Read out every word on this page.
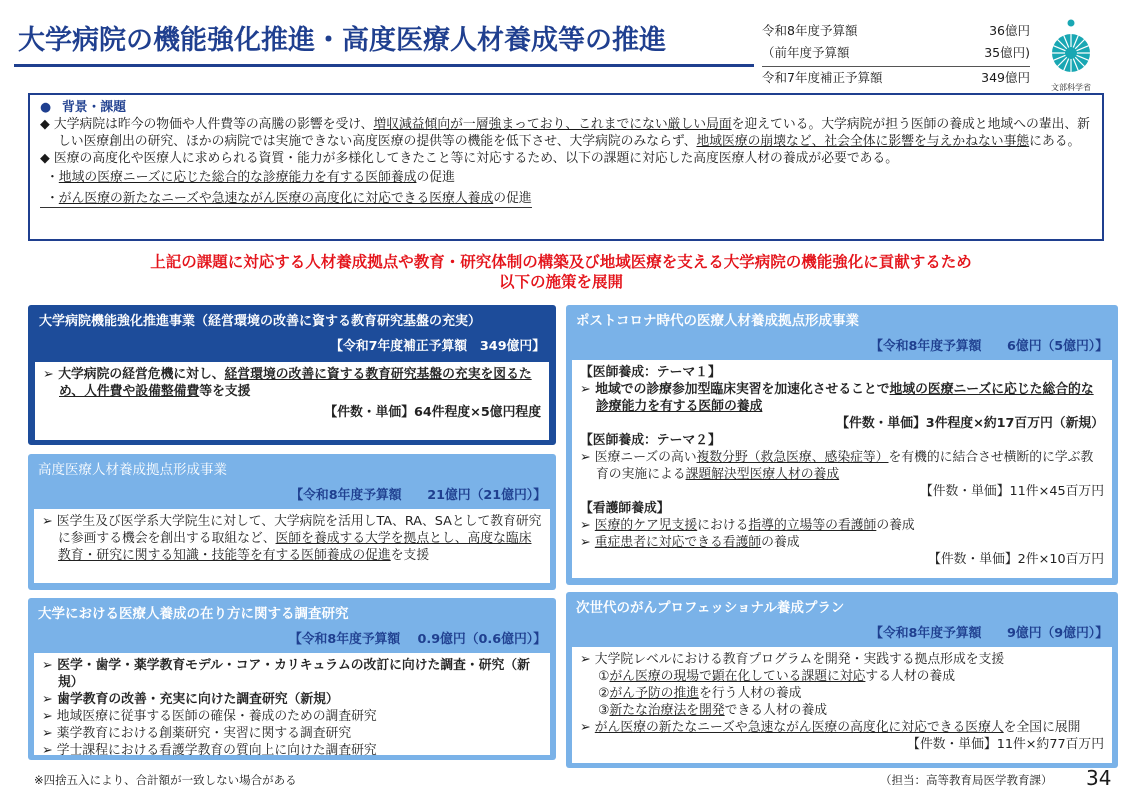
大学病院の機能強化推進・高度医療人材養成等の推進	令和8年度予算額	36億円
（前年度予算額	35億円)
令和7年度補正予算額	349億円
文部科学省

● 背景・課題

◆ 大学病院は昨今の物価や人件費等の高騰の影響を受け、増収減益傾向が一層強まっており、これまでにない厳しい局面を迎えている。大学病院が担う医師の養成と地域への輩出、新しい医療創出の研究、ほかの病院では実施できない高度医療の提供等の機能を低下させ、大学病院のみならず、地域医療の崩壊など、社会全体に影響を与えかねない事態にある。

◆ 医療の高度化や医療人に求められる資質・能力が多様化してきたこと等に対応するため、以下の課題に対応した高度医療人材の養成が必要である。

・地域の医療ニーズに応じた総合的な診療能力を有する医師養成の促進

・がん医療の新たなニーズや急速ながん医療の高度化に対応できる医療人養成の促進

上記の課題に対応する人材養成拠点や教育・研究体制の構築及び地域医療を支える大学病院の機能強化に貢献するため
以下の施策を展開
大学病院機能強化推進事業（経営環境の改善に資する教育研究基盤の充実）
【令和7年度補正予算額　349億円】
➢ 大学病院の経営危機に対し、経営環境の改善に資する教育研究基盤の充実を図るため、人件費や設備整備費等を支援
【件数・単価】64件程度×5億円程度
高度医療人材養成拠点形成事業
【令和8年度予算額　　21億円（21億円）】
➢ 医学生及び医学系大学院生に対して、大学病院を活用しTA、RA、SAとして教育研究に参画する機会を創出する取組など、医師を養成する大学を拠点とし、高度な臨床教育・研究に関する知識・技能等を有する医師養成の促進を支援
大学における医療人養成の在り方に関する調査研究
【令和8年度予算額　 0.9億円（0.6億円）】
➢ 医学・歯学・薬学教育モデル・コア・カリキュラムの改訂に向けた調査・研究（新規）
➢ 歯学教育の改善・充実に向けた調査研究（新規）
➢ 地域医療に従事する医師の確保・養成のための調査研究
➢ 薬学教育における創薬研究・実習に関する調査研究
➢ 学士課程における看護学教育の質向上に向けた調査研究
ポストコロナ時代の医療人材養成拠点形成事業
【令和8年度予算額　　6億円（5億円）】
【医師養成：テーマ１】
➢ 地域での診療参加型臨床実習を加速化させることで地域の医療ニーズに応じた総合的な診療能力を有する医師の養成
【件数・単価】3件程度×約17百万円（新規）
【医師養成：テーマ２】
➢ 医療ニーズの高い複数分野（救急医療、感染症等）を有機的に結合させ横断的に学ぶ教育の実施による課題解決型医療人材の養成
【件数・単価】11件×45百万円
【看護師養成】
➢ 医療的ケア児支援における指導的立場等の看護師の養成
➢ 重症患者に対応できる看護師の養成
【件数・単価】2件×10百万円
次世代のがんプロフェッショナル養成プラン
【令和8年度予算額　　9億円（9億円）】
➢ 大学院レベルにおける教育プログラムを開発・実践する拠点形成を支援
①がん医療の現場で顕在化している課題に対応する人材の養成
②がん予防の推進を行う人材の養成
③新たな治療法を開発できる人材の養成
➢ がん医療の新たなニーズや急速ながん医療の高度化に対応できる医療人を全国に展開
【件数・単価】11件×約77百万円
※四捨五入により、合計額が一致しない場合がある	（担当：高等教育局医学教育課） 34
